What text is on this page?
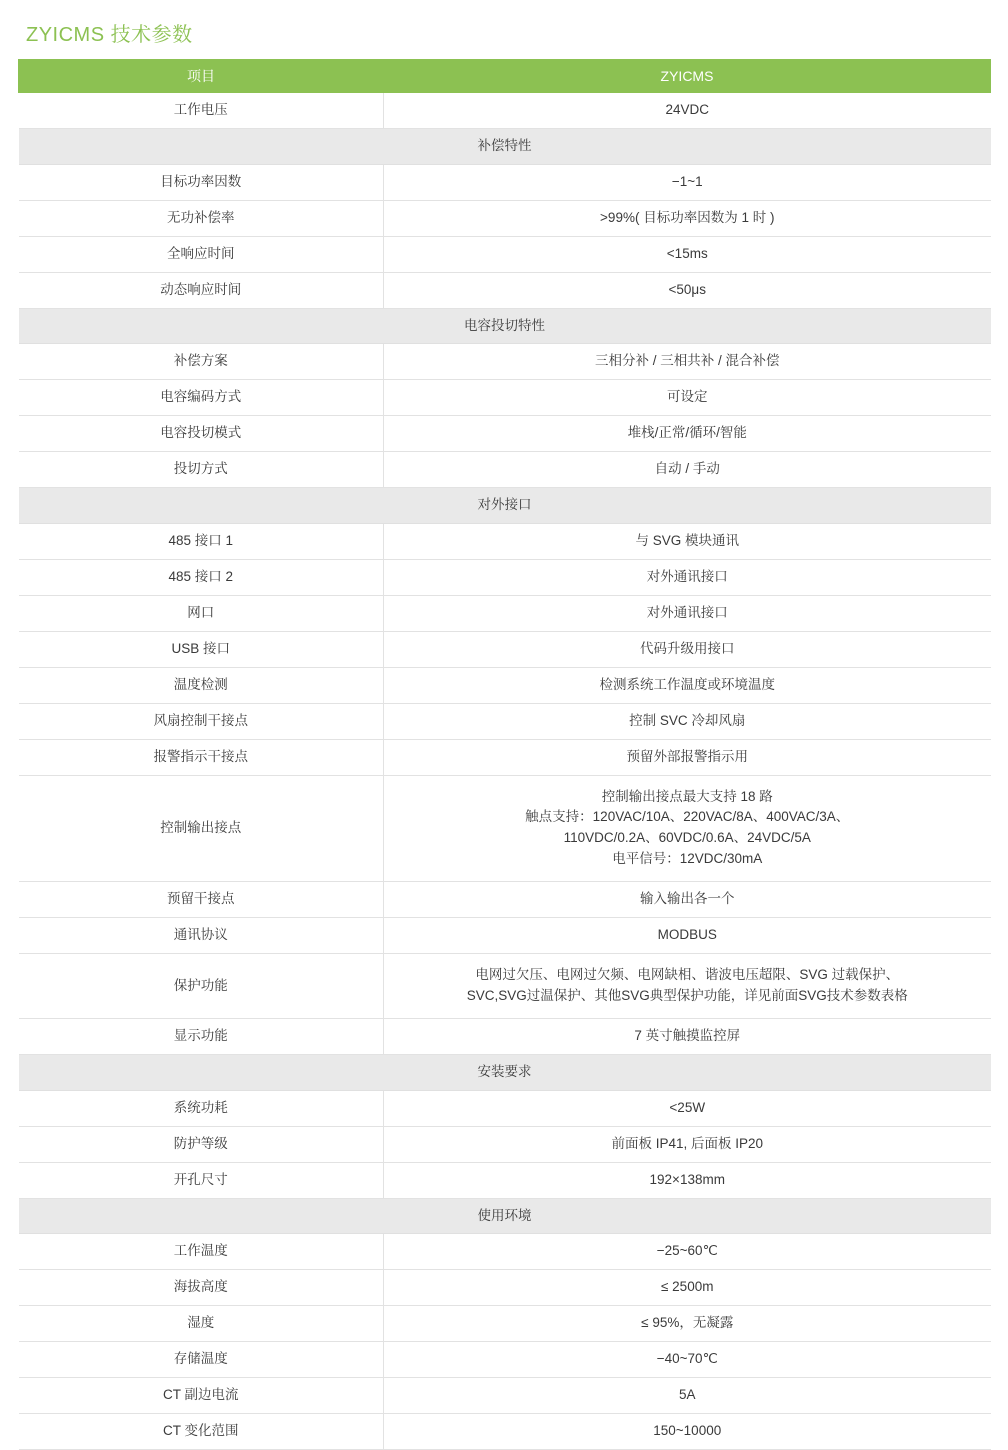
ZYICMS 技术参数
项目	ZYICMS
工作电压	24VDC
补偿特性	
目标功率因数	−1~1
无功补偿率	>99%( 目标功率因数为 1 时 )
全响应时间	<15ms
动态响应时间	<50μs
电容投切特性	
补偿方案	三相分补 / 三相共补 / 混合补偿
电容编码方式	可设定
电容投切模式	堆栈/正常/循环/智能
投切方式	自动 / 手动
对外接口	
485 接口 1	与 SVG 模块通讯
485 接口 2	对外通讯接口
网口	对外通讯接口
USB 接口	代码升级用接口
温度检测	检测系统工作温度或环境温度
风扇控制干接点	控制 SVC 冷却风扇
报警指示干接点	预留外部报警指示用
控制输出接点	控制输出接点最大支持 18 路
触点支持：120VAC/10A、220VAC/8A、400VAC/3A、
110VDC/0.2A、60VDC/0.6A、24VDC/5A
电平信号：12VDC/30mA

预留干接点	输入输出各一个
通讯协议	MODBUS
保护功能	电网过欠压、电网过欠频、电网缺相、谐波电压超限、SVG 过载保护、
SVC,SVG过温保护、其他SVG典型保护功能，详见前面SVG技术参数表格

显示功能	7 英寸触摸监控屏
安装要求	
系统功耗	<25W
防护等级	前面板 IP41, 后面板 IP20
开孔尺寸	192×138mm
使用环境	
工作温度	−25~60℃
海拔高度	≤ 2500m
湿度	≤ 95%，无凝露
存储温度	−40~70℃
CT 副边电流	5A
CT 变化范围	150~10000
